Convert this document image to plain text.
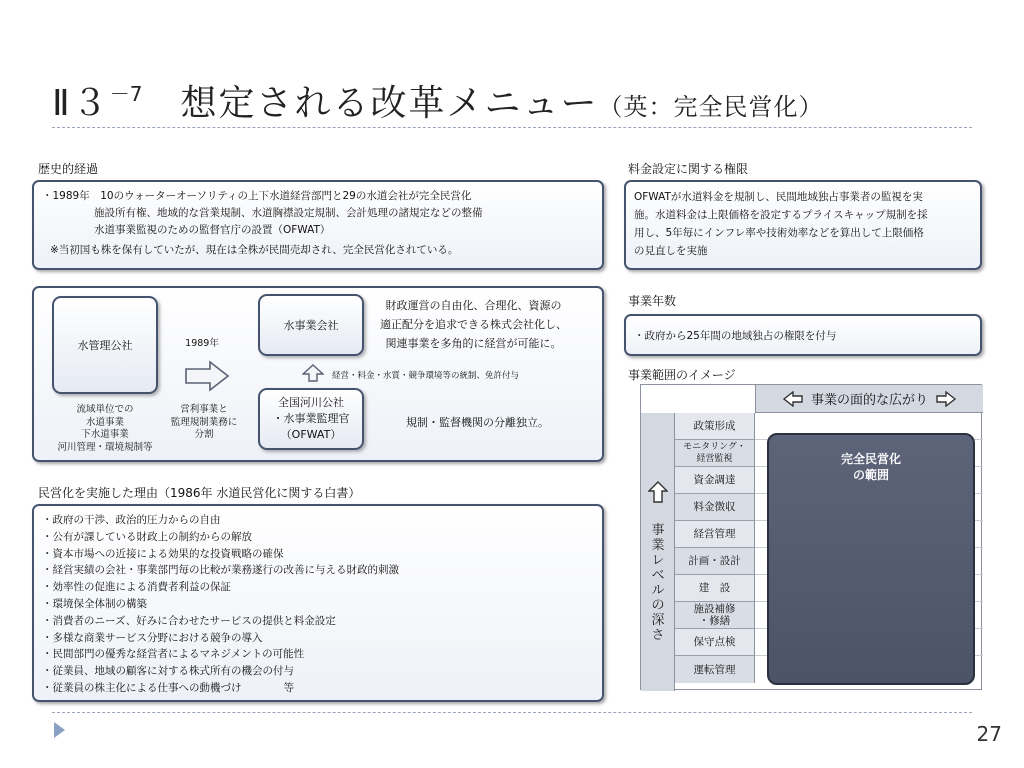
$Ⅱ3^{-7}$　想定される改革メニュー（英：完全民営化）
歴史的経過
・1989年　10のウォーターオーソリティの上下水道経営部門と29の水道会社が完全民営化
施設所有権、地域的な営業規制、水道胸襟設定規制、会計処理の諸規定などの整備
水道事業監視のための監督官庁の設置（OFWAT）
※当初国も株を保有していたが、現在は全株が民間売却され、完全民営化されている。
水管理公社
流域単位での
水道事業
下水道事業
河川管理・環境規制等
1989年
営利事業と
監理規制業務に
分割
水事業会社
財政運営の自由化、合理化、資源の
適正配分を追求できる株式会社化し、
関連事業を多角的に経営が可能に。
経営・料金・水質・競争環境等の統制、免許付与
全国河川公社
・水事業監理官
（OFWAT）
規制・監督機関の分離独立。
民営化を実施した理由（1986年 水道民営化に関する白書）
・政府の干渉、政治的圧力からの自由
・公有が課している財政上の制約からの解放
・資本市場への近接による効果的な投資戦略の確保
・経営実績の会社・事業部門毎の比較が業務遂行の改善に与える財政的刺激
・効率性の促進による消費者利益の保証
・環境保全体制の構築
・消費者のニーズ、好みに合わせたサービスの提供と料金設定
・多様な商業サービス分野における競争の導入
・民間部門の優秀な経営者によるマネジメントの可能性
・従業員、地域の顧客に対する株式所有の機会の付与
・従業員の株主化による仕事への動機づけ　　　　等
料金設定に関する権限
OFWATが水道料金を規制し、民間地域独占事業者の監視を実
施。水道料金は上限価格を設定するプライスキャップ規制を採
用し、5年毎にインフレ率や技術効率などを算出して上限価格
の見直しを実施
事業年数
・政府から25年間の地域独占の権限を付与
事業範囲のイメージ
事業の面的な広がり
事業レベルの深さ
政策形成
モニタリング・
経営監視
資金調達
料金徴収
経営管理
計画・設計
建　設
施設補修
・修繕
保守点検
運転管理
完全民営化
の範囲
27
